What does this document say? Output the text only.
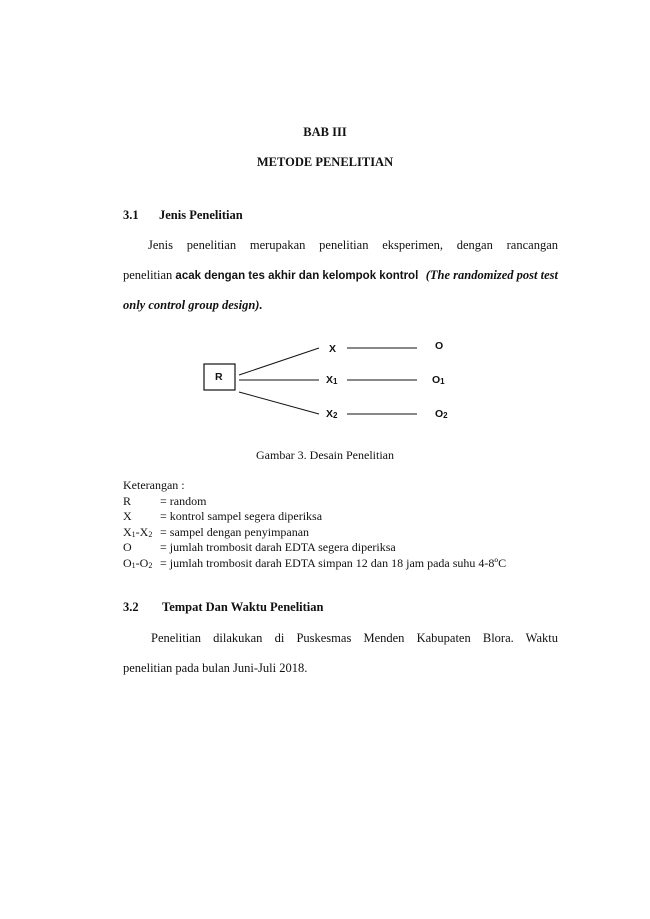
BAB III
METODE PENELITIAN
3.1 Jenis Penelitian
Jenis penelitian merupakan penelitian eksperimen, dengan rancangan
penelitian acak dengan tes akhir dan kelompok kontrol (The randomized post test
only control group design).
R
X
$X_1$
$X_2$
O
$O_1$
$O_2$
Gambar 3. Desain Penelitian
Keterangan :
R = random
X = kontrol sampel segera diperiksa
$X_1-X_2$ = sampel dengan penyimpanan
O = jumlah trombosit darah EDTA segera diperiksa
$O_1-O_2$ = jumlah trombosit darah EDTA simpan 12 dan 18 jam pada suhu 4-8ºC
3.2 Tempat Dan Waktu Penelitian
Penelitian dilakukan di Puskesmas Menden Kabupaten Blora. Waktu
penelitian pada bulan Juni-Juli 2018.
